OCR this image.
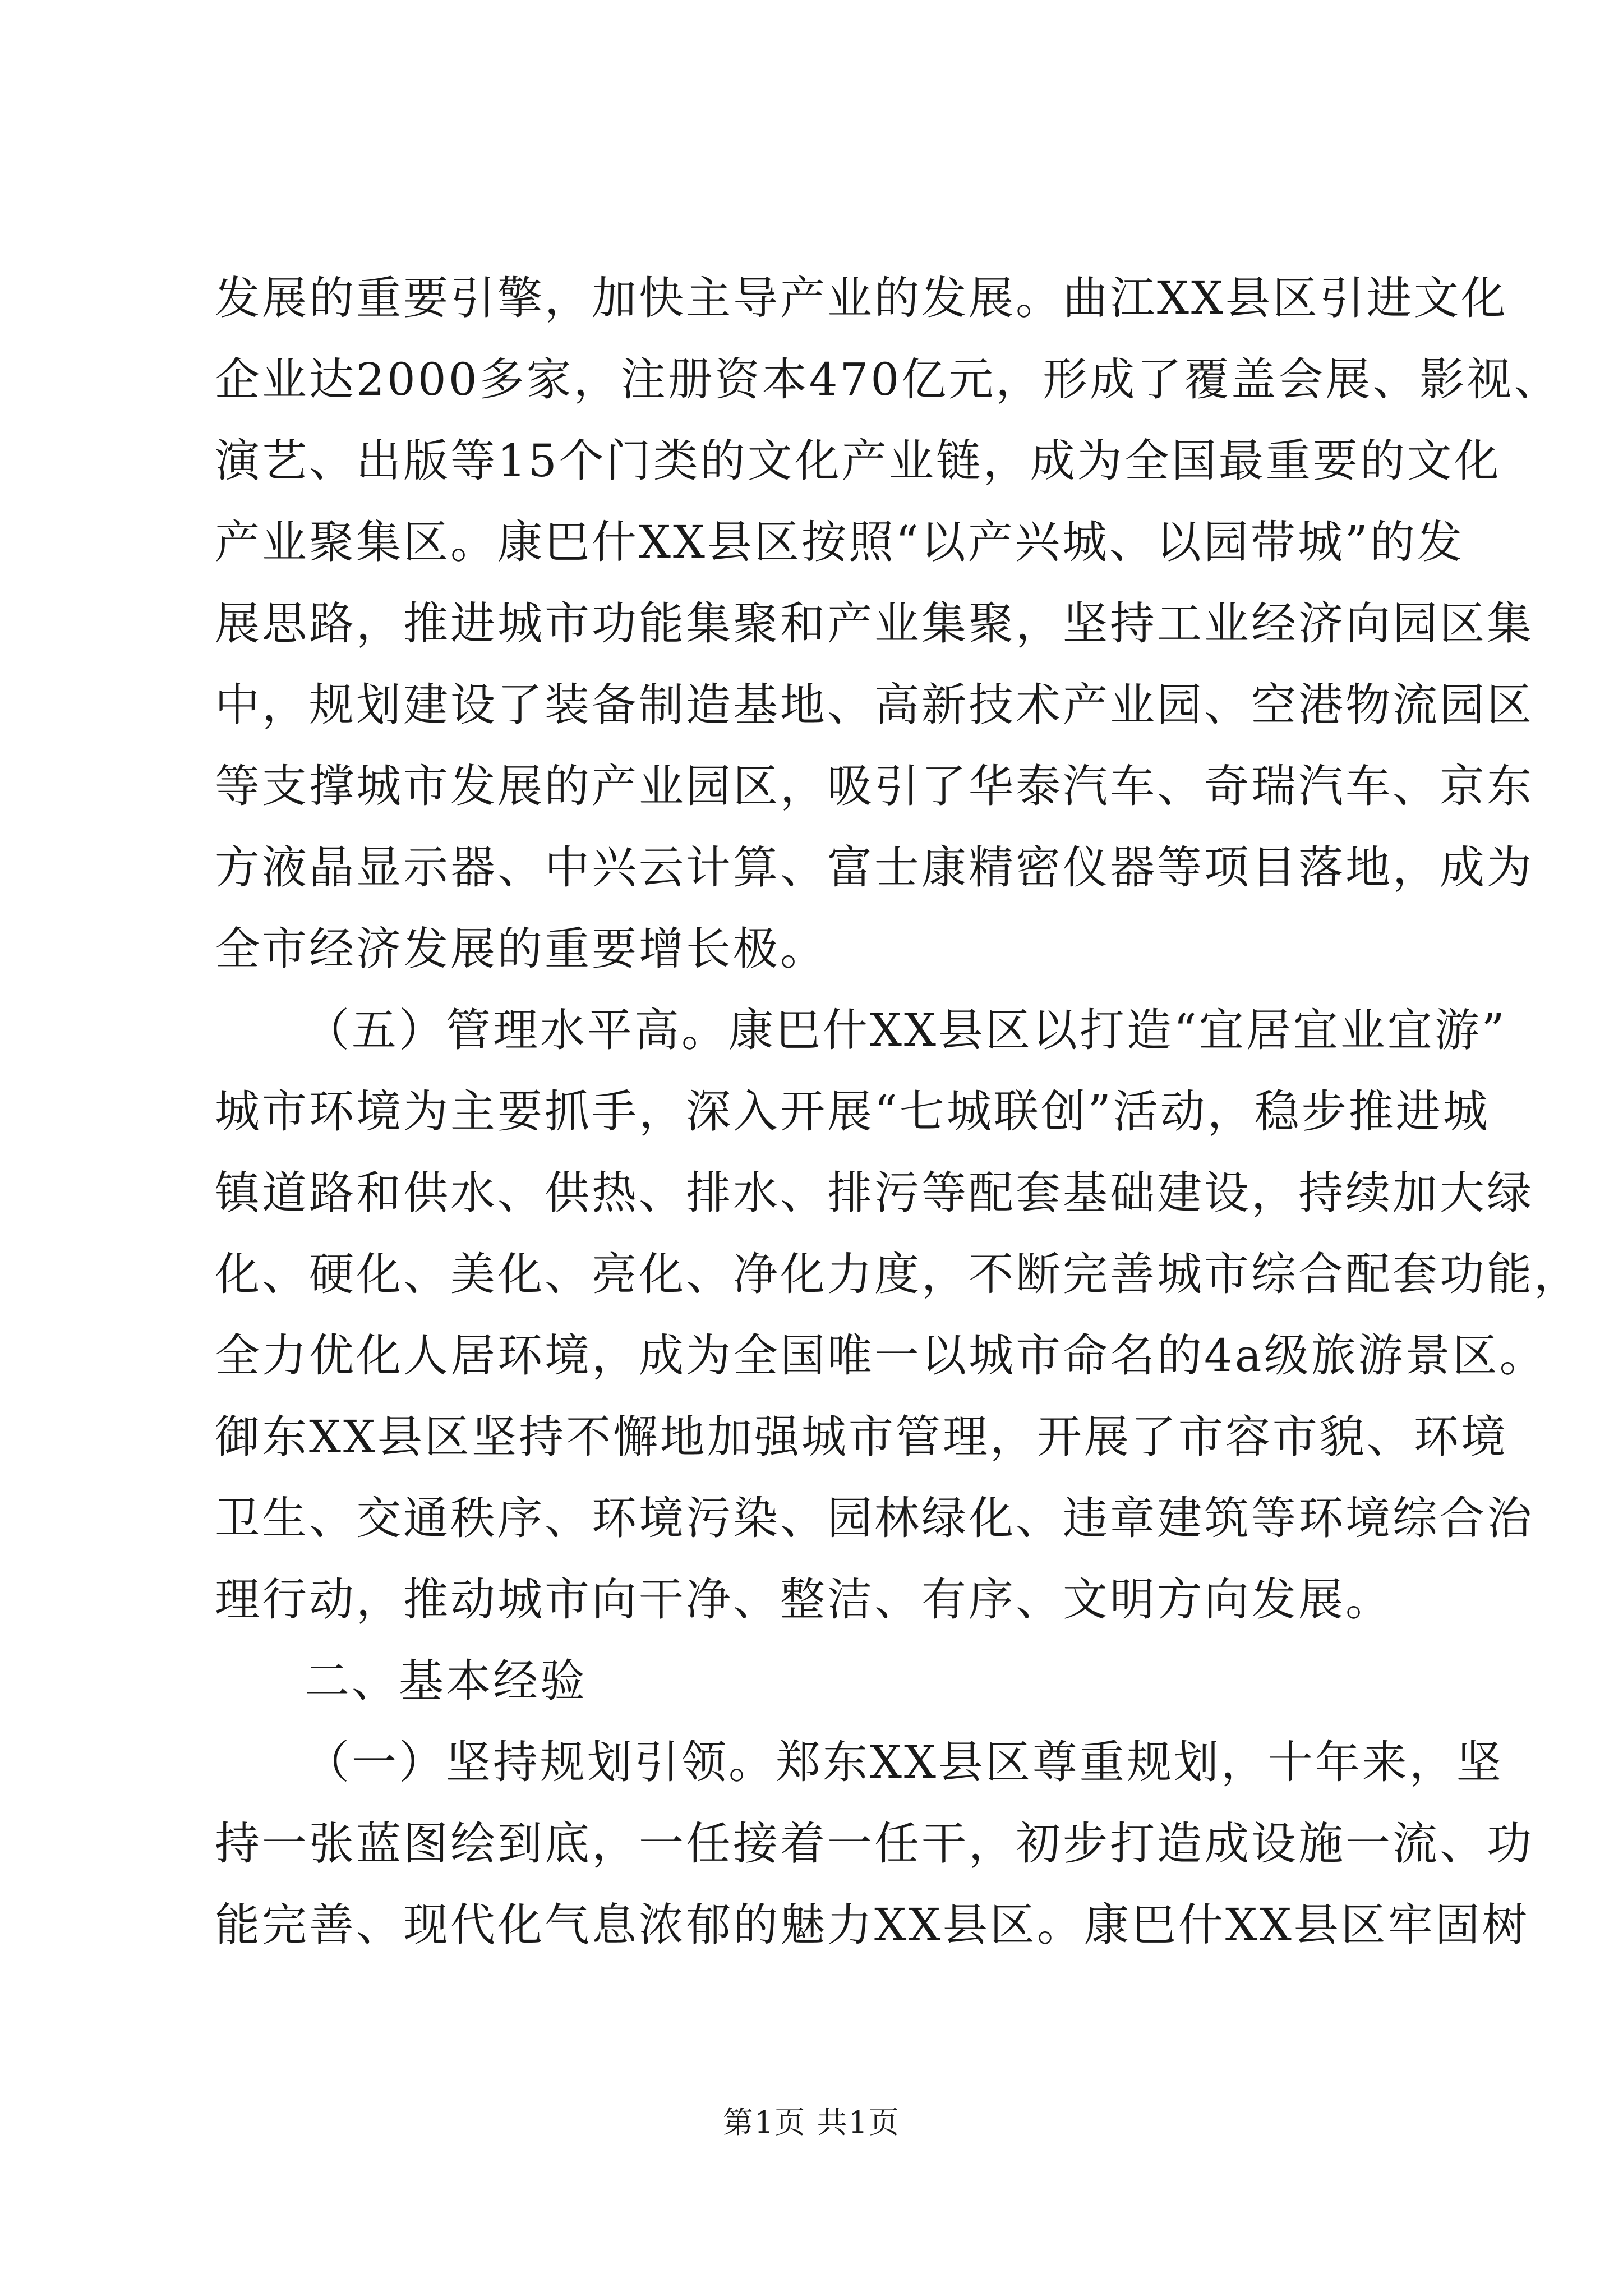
发展的重要引擎，加快主导产业的发展。曲江XX县区引进文化

企业达2000多家，注册资本470亿元，形成了覆盖会展、影视、

演艺、出版等15个门类的文化产业链，成为全国最重要的文化

产业聚集区。康巴什XX县区按照“以产兴城、以园带城”的发

展思路，推进城市功能集聚和产业集聚，坚持工业经济向园区集

中，规划建设了装备制造基地、高新技术产业园、空港物流园区

等支撑城市发展的产业园区，吸引了华泰汽车、奇瑞汽车、京东

方液晶显示器、中兴云计算、富士康精密仪器等项目落地，成为

全市经济发展的重要增长极。

（五）管理水平高。康巴什XX县区以打造“宜居宜业宜游”

城市环境为主要抓手，深入开展“七城联创”活动，稳步推进城

镇道路和供水、供热、排水、排污等配套基础建设，持续加大绿

化、硬化、美化、亮化、净化力度，不断完善城市综合配套功能，

全力优化人居环境，成为全国唯一以城市命名的4a级旅游景区。

御东XX县区坚持不懈地加强城市管理，开展了市容市貌、环境

卫生、交通秩序、环境污染、园林绿化、违章建筑等环境综合治

理行动，推动城市向干净、整洁、有序、文明方向发展。

二、基本经验

（一）坚持规划引领。郑东XX县区尊重规划，十年来，坚

持一张蓝图绘到底，一任接着一任干，初步打造成设施一流、功

能完善、现代化气息浓郁的魅力XX县区。康巴什XX县区牢固树

第1页 共1页
